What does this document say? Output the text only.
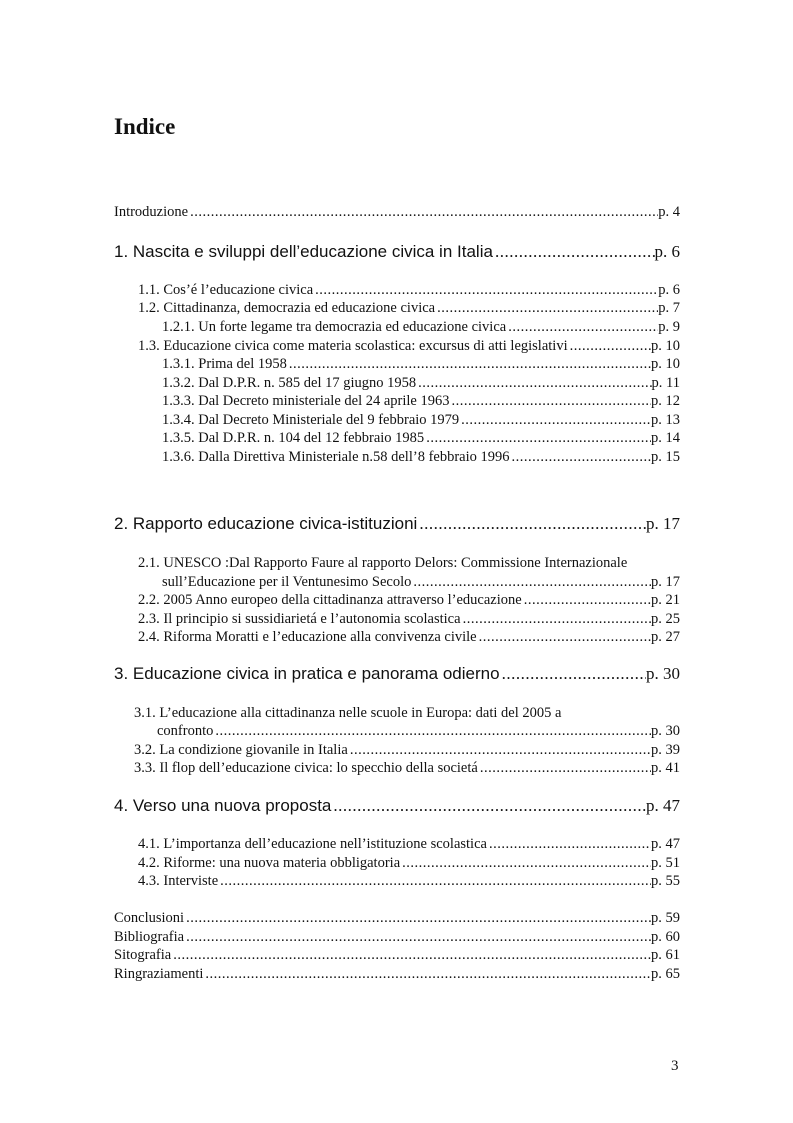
Indice
Introduzione .....	p. 4
1. Nascita e sviluppi dell’educazione civica in Italia .....	p. 6
1.1. Cos’é l’educazione civica .....	p. 6
1.2. Cittadinanza, democrazia ed educazione civica .....	p. 7
1.2.1. Un forte legame tra democrazia ed educazione civica .....	p. 9
1.3. Educazione civica come materia scolastica: excursus di atti legislativi .....	p. 10
1.3.1. Prima del 1958 .....	p. 10
1.3.2. Dal D.P.R. n. 585 del 17 giugno 1958 .....	p. 11
1.3.3. Dal Decreto ministeriale del 24 aprile 1963 .....	p. 12
1.3.4. Dal Decreto Ministeriale del 9 febbraio 1979 .....	p. 13
1.3.5. Dal D.P.R. n. 104 del 12 febbraio 1985 .....	p. 14
1.3.6. Dalla Direttiva Ministeriale n.58 dell’8 febbraio 1996 .....	p. 15
2. Rapporto educazione civica-istituzioni .....	p. 17
2.1. UNESCO :Dal Rapporto Faure al rapporto Delors: Commissione Internazionale
sull’Educazione per il Ventunesimo Secolo .....	p. 17
2.2. 2005 Anno europeo della cittadinanza attraverso l’educazione .....	p. 21
2.3. Il principio si sussidiarietá e l’autonomia scolastica .....	p. 25
2.4. Riforma Moratti e l’educazione alla convivenza civile .....	p. 27
3. Educazione civica in pratica e panorama odierno .....	p. 30
3.1. L’educazione alla cittadinanza nelle scuole in Europa: dati del 2005 a
confronto .....	p. 30
3.2. La condizione giovanile in Italia .....	p. 39
3.3. Il flop dell’educazione civica: lo specchio della societá .....	p. 41
4. Verso una nuova proposta .....	p. 47
4.1. L’importanza dell’educazione nell’istituzione scolastica .....	p. 47
4.2. Riforme: una nuova materia obbligatoria .....	p. 51
4.3. Interviste .....	p. 55
Conclusioni .....	p. 59
Bibliografia .....	p. 60
Sitografia .....	p. 61
Ringraziamenti .....	p. 65
3
